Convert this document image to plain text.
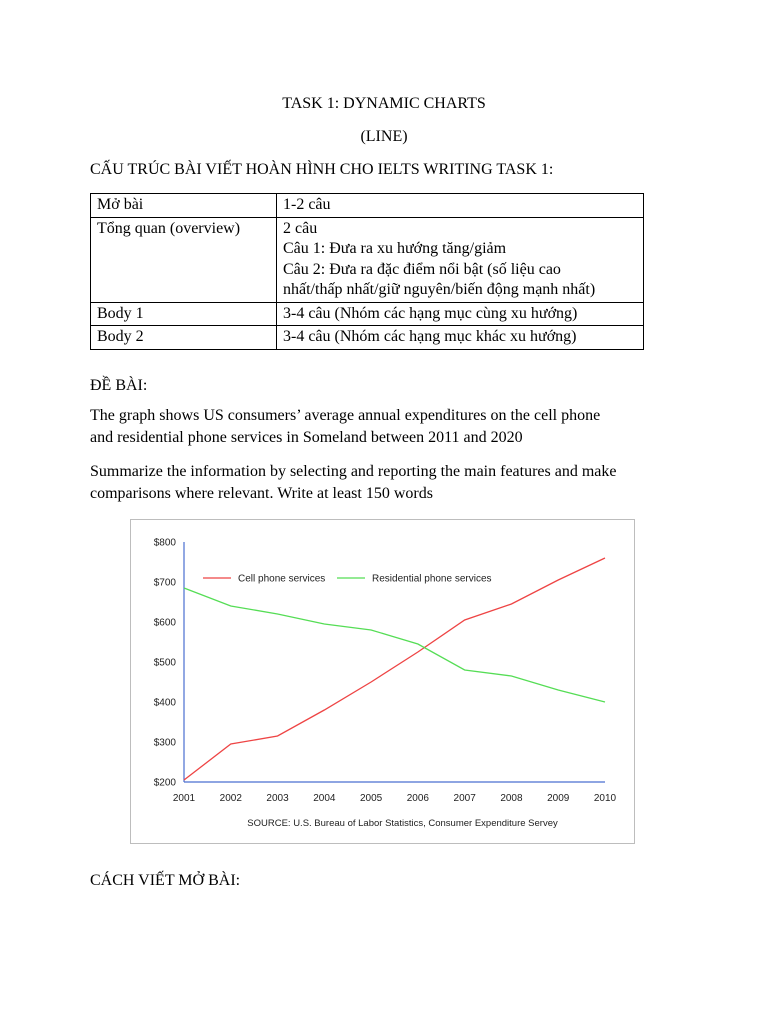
TASK 1: DYNAMIC CHARTS
(LINE)

CẤU TRÚC BÀI VIẾT HOÀN HÌNH CHO IELTS WRITING TASK 1:

Mở bài	1-2 câu

Tổng quan (overview)	2 câu
Câu 1: Đưa ra xu hướng tăng/giảm
Câu 2: Đưa ra đặc điểm nổi bật (số liệu cao
nhất/thấp nhất/giữ nguyên/biến động mạnh nhất)

Body 1	3-4 câu (Nhóm các hạng mục cùng xu hướng)

Body 2	3-4 câu (Nhóm các hạng mục khác xu hướng)

ĐỀ BÀI:

The graph shows US consumers’ average annual expenditures on the cell phone
and residential phone services in Someland between 2011 and 2020
Summarize the information by selecting and reporting the main features and make
comparisons where relevant. Write at least 150 words
$200
$300
$400
$500
$600
$700
$800
2001 2002 2003 2004 2005 2006 2007 2008 2009 2010
Cell phone services	Residential phone services
SOURCE: U.S. Bureau of Labor Statistics, Consumer Expenditure Servey

CÁCH VIẾT MỞ BÀI:
